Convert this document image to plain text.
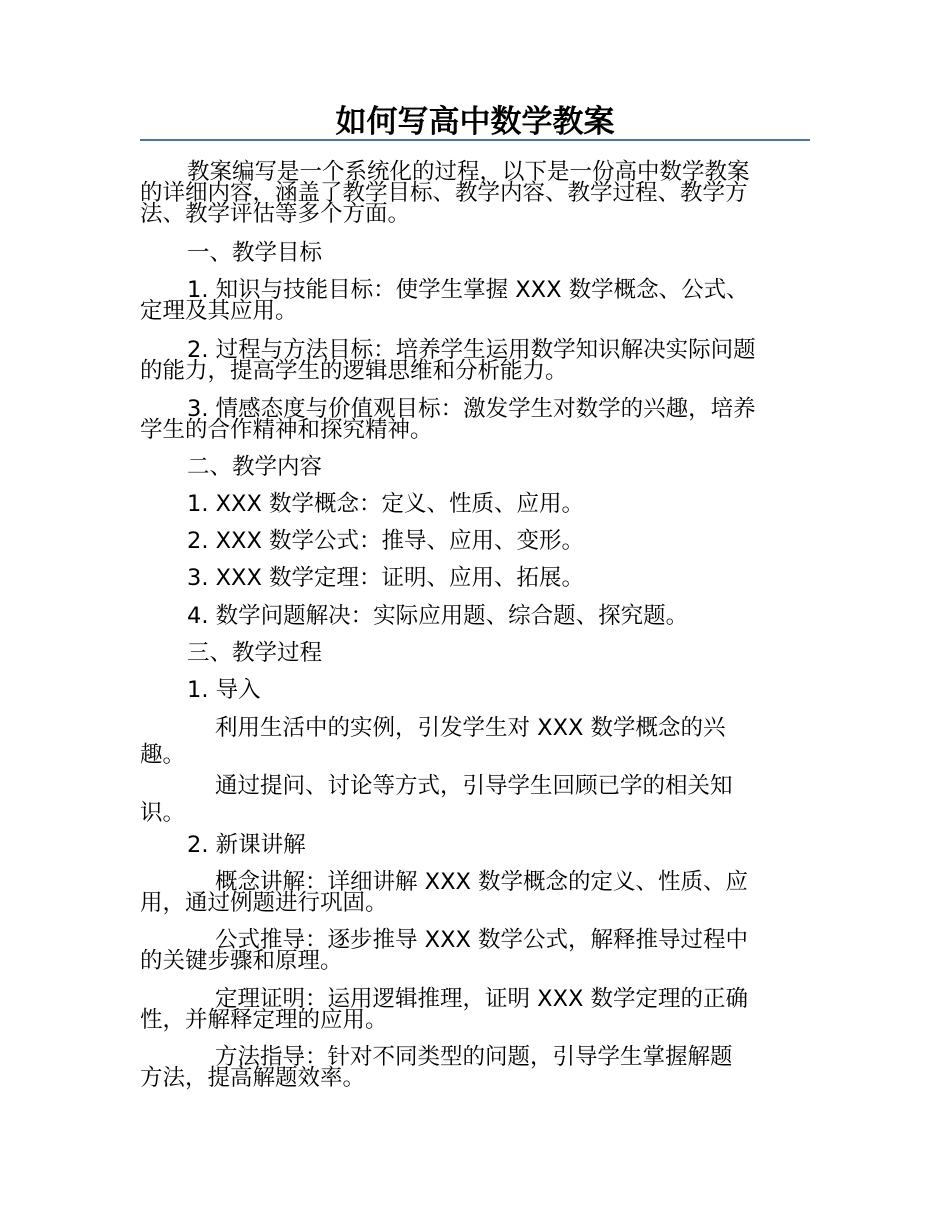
如何写高中数学教案
教案编写是一个系统化的过程，以下是一份高中数学教案
的详细内容，涵盖了教学目标、教学内容、教学过程、教学方
法、教学评估等多个方面。
一、教学目标
1. 知识与技能目标：使学生掌握 XXX 数学概念、公式、
定理及其应用。
2. 过程与方法目标：培养学生运用数学知识解决实际问题
的能力，提高学生的逻辑思维和分析能力。
3. 情感态度与价值观目标：激发学生对数学的兴趣，培养
学生的合作精神和探究精神。
二、教学内容
1. XXX 数学概念：定义、性质、应用。
2. XXX 数学公式：推导、应用、变形。
3. XXX 数学定理：证明、应用、拓展。
4. 数学问题解决：实际应用题、综合题、探究题。
三、教学过程
1. 导入
利用生活中的实例，引发学生对 XXX 数学概念的兴
趣。
通过提问、讨论等方式，引导学生回顾已学的相关知
识。
2. 新课讲解
概念讲解：详细讲解 XXX 数学概念的定义、性质、应
用，通过例题进行巩固。
公式推导：逐步推导 XXX 数学公式，解释推导过程中
的关键步骤和原理。
定理证明：运用逻辑推理，证明 XXX 数学定理的正确
性，并解释定理的应用。
方法指导：针对不同类型的问题，引导学生掌握解题
方法，提高解题效率。
